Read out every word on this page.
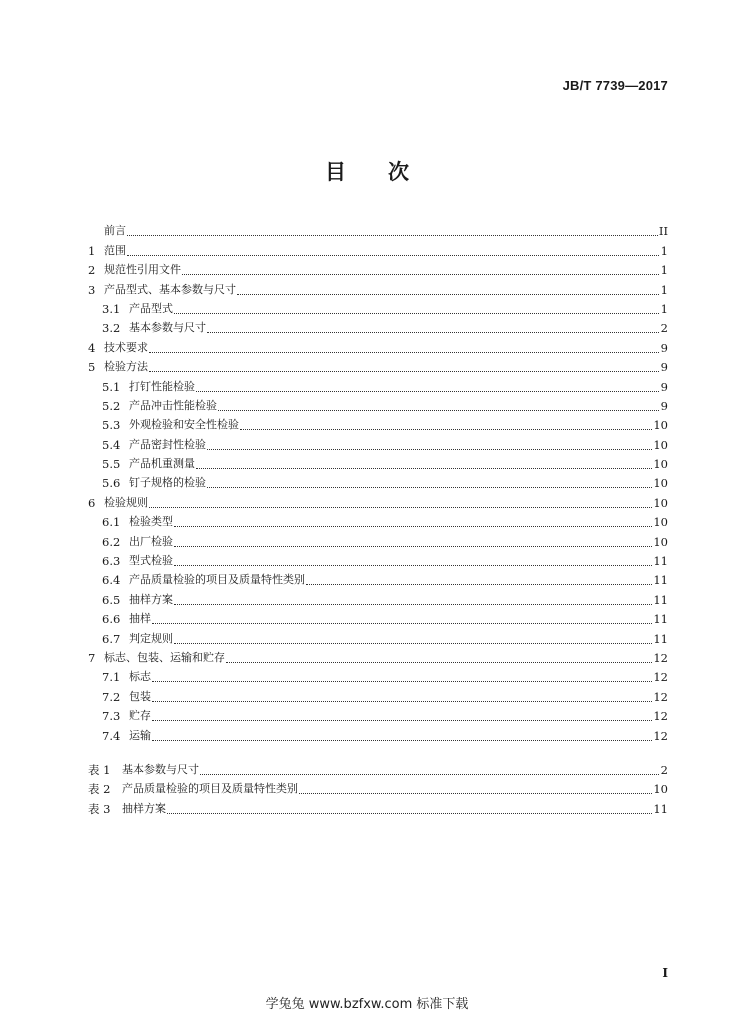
JB/T 7739—2017
目 次
前言	II
1 范围	1
2 规范性引用文件	1
3 产品型式、基本参数与尺寸	1
3.1 产品型式	1
3.2 基本参数与尺寸	2
4 技术要求	9
5 检验方法	9
5.1 打钉性能检验	9
5.2 产品冲击性能检验	9
5.3 外观检验和安全性检验	10
5.4 产品密封性检验	10
5.5 产品机重测量	10
5.6 钉子规格的检验	10
6 检验规则	10
6.1 检验类型	10
6.2 出厂检验	10
6.3 型式检验	11
6.4 产品质量检验的项目及质量特性类别	11
6.5 抽样方案	11
6.6 抽样	11
6.7 判定规则	11
7 标志、包装、运输和贮存	12
7.1 标志	12
7.2 包装	12
7.3 贮存	12
7.4 运输	12
表 1	基本参数与尺寸	2
表 2	产品质量检验的项目及质量特性类别	10
表 3	抽样方案	11
I
学兔兔 www.bzfxw.com 标准下载
